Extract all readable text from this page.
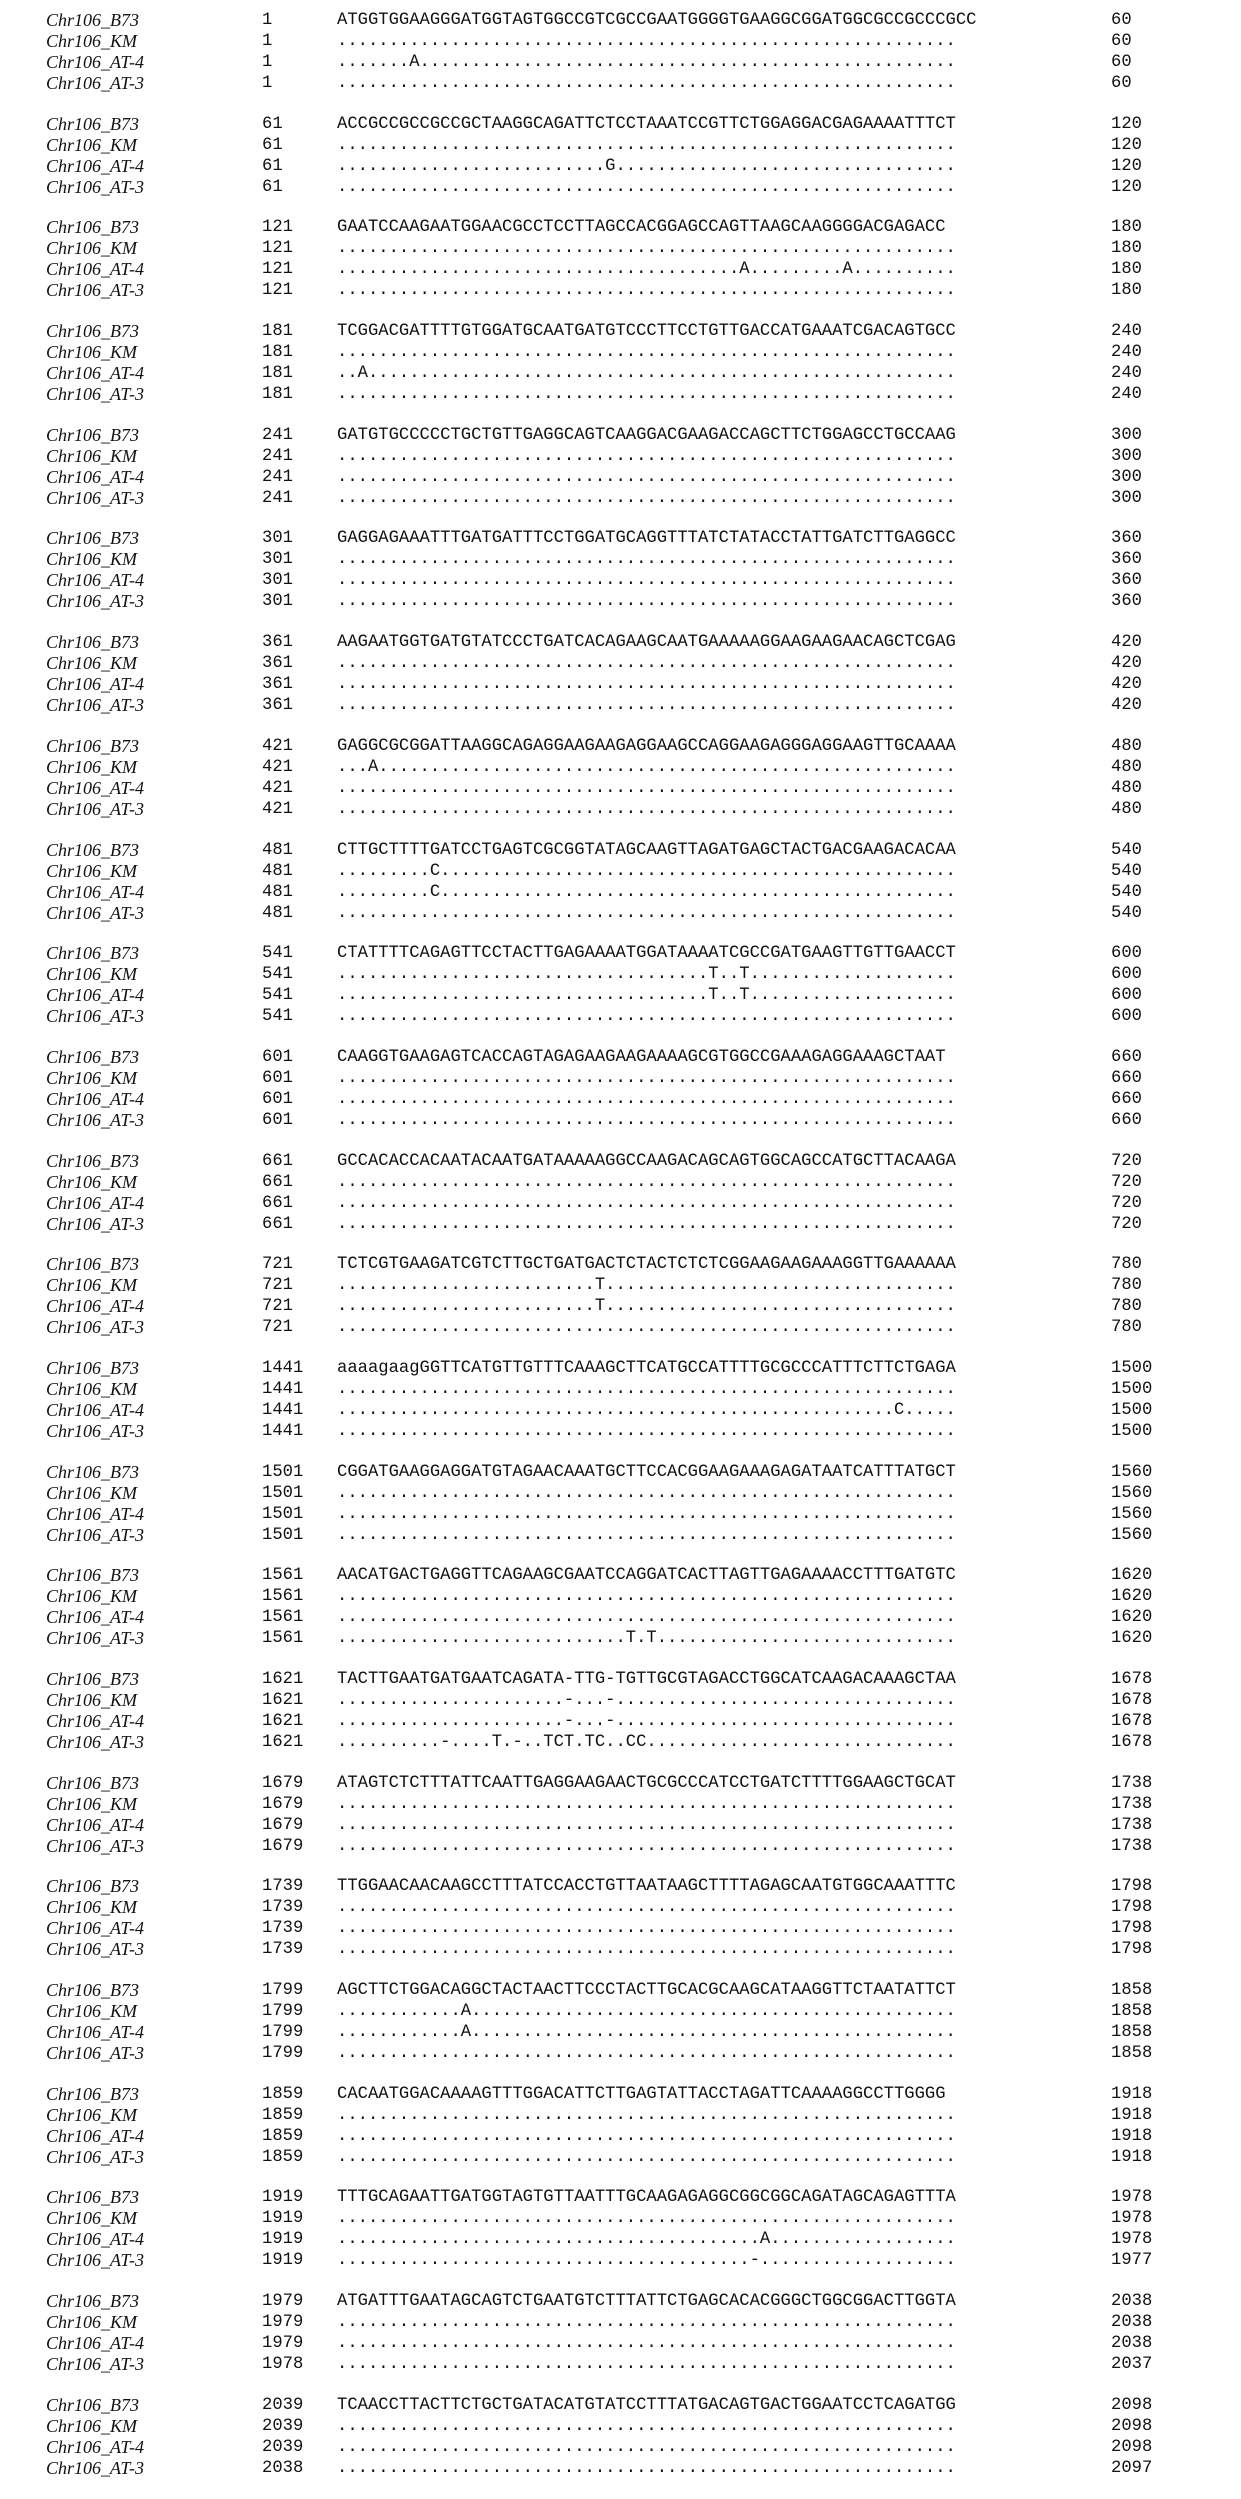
Chr106_B73	1	ATGGTGGAAGGGATGGTAGTGGCCGTCGCCGAATGGGGTGAAGGCGGATGGCGCCGCCCGCC	60
Chr106_KM	1	............................................................	60
Chr106_AT-4	1	.......A....................................................	60
Chr106_AT-3	1	............................................................	60
Chr106_B73	61	ACCGCCGCCGCCGCTAAGGCAGATTCTCCTAAATCCGTTCTGGAGGACGAGAAAATTTCT	120
Chr106_KM	61	............................................................	120
Chr106_AT-4	61	..........................G.................................	120
Chr106_AT-3	61	............................................................	120
Chr106_B73	121	GAATCCAAGAATGGAACGCCTCCTTAGCCACGGAGCCAGTTAAGCAAGGGGACGAGACC	180
Chr106_KM	121	............................................................	180
Chr106_AT-4	121	.......................................A.........A..........	180
Chr106_AT-3	121	............................................................	180
Chr106_B73	181	TCGGACGATTTTGTGGATGCAATGATGTCCCTTCCTGTTGACCATGAAATCGACAGTGCC	240
Chr106_KM	181	............................................................	240
Chr106_AT-4	181	..A.........................................................	240
Chr106_AT-3	181	............................................................	240
Chr106_B73	241	GATGTGCCCCCTGCTGTTGAGGCAGTCAAGGACGAAGACCAGCTTCTGGAGCCTGCCAAG	300
Chr106_KM	241	............................................................	300
Chr106_AT-4	241	............................................................	300
Chr106_AT-3	241	............................................................	300
Chr106_B73	301	GAGGAGAAATTTGATGATTTCCTGGATGCAGGTTTATCTATACCTATTGATCTTGAGGCC	360
Chr106_KM	301	............................................................	360
Chr106_AT-4	301	............................................................	360
Chr106_AT-3	301	............................................................	360
Chr106_B73	361	AAGAATGGTGATGTATCCCTGATCACAGAAGCAATGAAAAAGGAAGAAGAACAGCTCGAG	420
Chr106_KM	361	............................................................	420
Chr106_AT-4	361	............................................................	420
Chr106_AT-3	361	............................................................	420
Chr106_B73	421	GAGGCGCGGATTAAGGCAGAGGAAGAAGAGGAAGCCAGGAAGAGGGAGGAAGTTGCAAAA	480
Chr106_KM	421	...A........................................................	480
Chr106_AT-4	421	............................................................	480
Chr106_AT-3	421	............................................................	480
Chr106_B73	481	CTTGCTTTTGATCCTGAGTCGCGGTATAGCAAGTTAGATGAGCTACTGACGAAGACACAA	540
Chr106_KM	481	.........C..................................................	540
Chr106_AT-4	481	.........C..................................................	540
Chr106_AT-3	481	............................................................	540
Chr106_B73	541	CTATTTTCAGAGTTCCTACTTGAGAAAATGGATAAAATCGCCGATGAAGTTGTTGAACCT	600
Chr106_KM	541	....................................T..T....................	600
Chr106_AT-4	541	....................................T..T....................	600
Chr106_AT-3	541	............................................................	600
Chr106_B73	601	CAAGGTGAAGAGTCACCAGTAGAGAAGAAGAAAAGCGTGGCCGAAAGAGGAAAGCTAAT	660
Chr106_KM	601	............................................................	660
Chr106_AT-4	601	............................................................	660
Chr106_AT-3	601	............................................................	660
Chr106_B73	661	GCCACACCACAATACAATGATAAAAAGGCCAAGACAGCAGTGGCAGCCATGCTTACAAGA	720
Chr106_KM	661	............................................................	720
Chr106_AT-4	661	............................................................	720
Chr106_AT-3	661	............................................................	720
Chr106_B73	721	TCTCGTGAAGATCGTCTTGCTGATGACTCTACTCTCTCGGAAGAAGAAAGGTTGAAAAAA	780
Chr106_KM	721	.........................T..................................	780
Chr106_AT-4	721	.........................T..................................	780
Chr106_AT-3	721	............................................................	780
Chr106_B73	1441	aaaagaagGGTTCATGTTGTTTCAAAGCTTCATGCCATTTTGCGCCCATTTCTTCTGAGA	1500
Chr106_KM	1441	............................................................	1500
Chr106_AT-4	1441	......................................................C.....	1500
Chr106_AT-3	1441	............................................................	1500
Chr106_B73	1501	CGGATGAAGGAGGATGTAGAACAAATGCTTCCACGGAAGAAAGAGATAATCATTTATGCT	1560
Chr106_KM	1501	............................................................	1560
Chr106_AT-4	1501	............................................................	1560
Chr106_AT-3	1501	............................................................	1560
Chr106_B73	1561	AACATGACTGAGGTTCAGAAGCGAATCCAGGATCACTTAGTTGAGAAAACCTTTGATGTC	1620
Chr106_KM	1561	............................................................	1620
Chr106_AT-4	1561	............................................................	1620
Chr106_AT-3	1561	............................T.T.............................	1620
Chr106_B73	1621	TACTTGAATGATGAATCAGATA-TTG-TGTTGCGTAGACCTGGCATCAAGACAAAGCTAA	1678
Chr106_KM	1621	......................-...-.................................	1678
Chr106_AT-4	1621	......................-...-.................................	1678
Chr106_AT-3	1621	..........-....T.-..TCT.TC..CC..............................	1678
Chr106_B73	1679	ATAGTCTCTTTATTCAATTGAGGAAGAACTGCGCCCATCCTGATCTTTTGGAAGCTGCAT	1738
Chr106_KM	1679	............................................................	1738
Chr106_AT-4	1679	............................................................	1738
Chr106_AT-3	1679	............................................................	1738
Chr106_B73	1739	TTGGAACAACAAGCCTTTATCCACCTGTTAATAAGCTTTTAGAGCAATGTGGCAAATTTC	1798
Chr106_KM	1739	............................................................	1798
Chr106_AT-4	1739	............................................................	1798
Chr106_AT-3	1739	............................................................	1798
Chr106_B73	1799	AGCTTCTGGACAGGCTACTAACTTCCCTACTTGCACGCAAGCATAAGGTTCTAATATTCT	1858
Chr106_KM	1799	............A...............................................	1858
Chr106_AT-4	1799	............A...............................................	1858
Chr106_AT-3	1799	............................................................	1858
Chr106_B73	1859	CACAATGGACAAAAGTTTGGACATTCTTGAGTATTACCTAGATTCAAAAGGCCTTGGGG	1918
Chr106_KM	1859	............................................................	1918
Chr106_AT-4	1859	............................................................	1918
Chr106_AT-3	1859	............................................................	1918
Chr106_B73	1919	TTTGCAGAATTGATGGTAGTGTTAATTTGCAAGAGAGGCGGCGGCAGATAGCAGAGTTTA	1978
Chr106_KM	1919	............................................................	1978
Chr106_AT-4	1919	.........................................A..................	1978
Chr106_AT-3	1919	........................................-...................	1977
Chr106_B73	1979	ATGATTTGAATAGCAGTCTGAATGTCTTTATTCTGAGCACACGGGCTGGCGGACTTGGTA	2038
Chr106_KM	1979	............................................................	2038
Chr106_AT-4	1979	............................................................	2038
Chr106_AT-3	1978	............................................................	2037
Chr106_B73	2039	TCAACCTTACTTCTGCTGATACATGTATCCTTTATGACAGTGACTGGAATCCTCAGATGG	2098
Chr106_KM	2039	............................................................	2098
Chr106_AT-4	2039	............................................................	2098
Chr106_AT-3	2038	............................................................	2097
